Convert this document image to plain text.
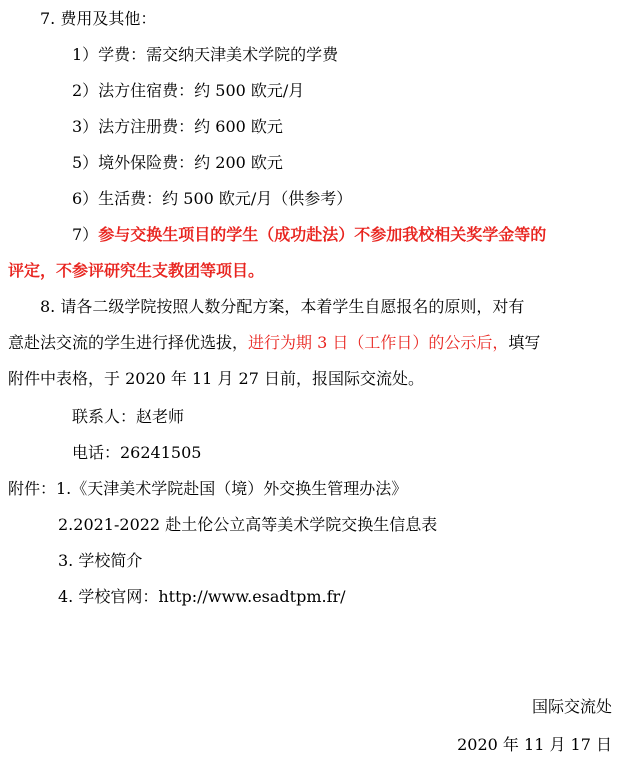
7. 费用及其他：
1）学费：需交纳天津美术学院的学费
2）法方住宿费：约 500 欧元/月
3）法方注册费：约 600 欧元
5）境外保险费：约 200 欧元
6）生活费：约 500 欧元/月（供参考）
7）参与交换生项目的学生（成功赴法）不参加我校相关奖学金等的
评定，不参评研究生支教团等项目。
8. 请各二级学院按照人数分配方案，本着学生自愿报名的原则，对有
意赴法交流的学生进行择优选拔，进行为期 3 日（工作日）的公示后，填写
附件中表格，于 2020 年 11 月 27 日前，报国际交流处。
联系人：赵老师
电话：26241505
附件：1.《天津美术学院赴国（境）外交换生管理办法》
2.2021-2022 赴土伦公立高等美术学院交换生信息表
3. 学校简介
4. 学校官网：http://www.esadtpm.fr/
国际交流处
2020 年 11 月 17 日
